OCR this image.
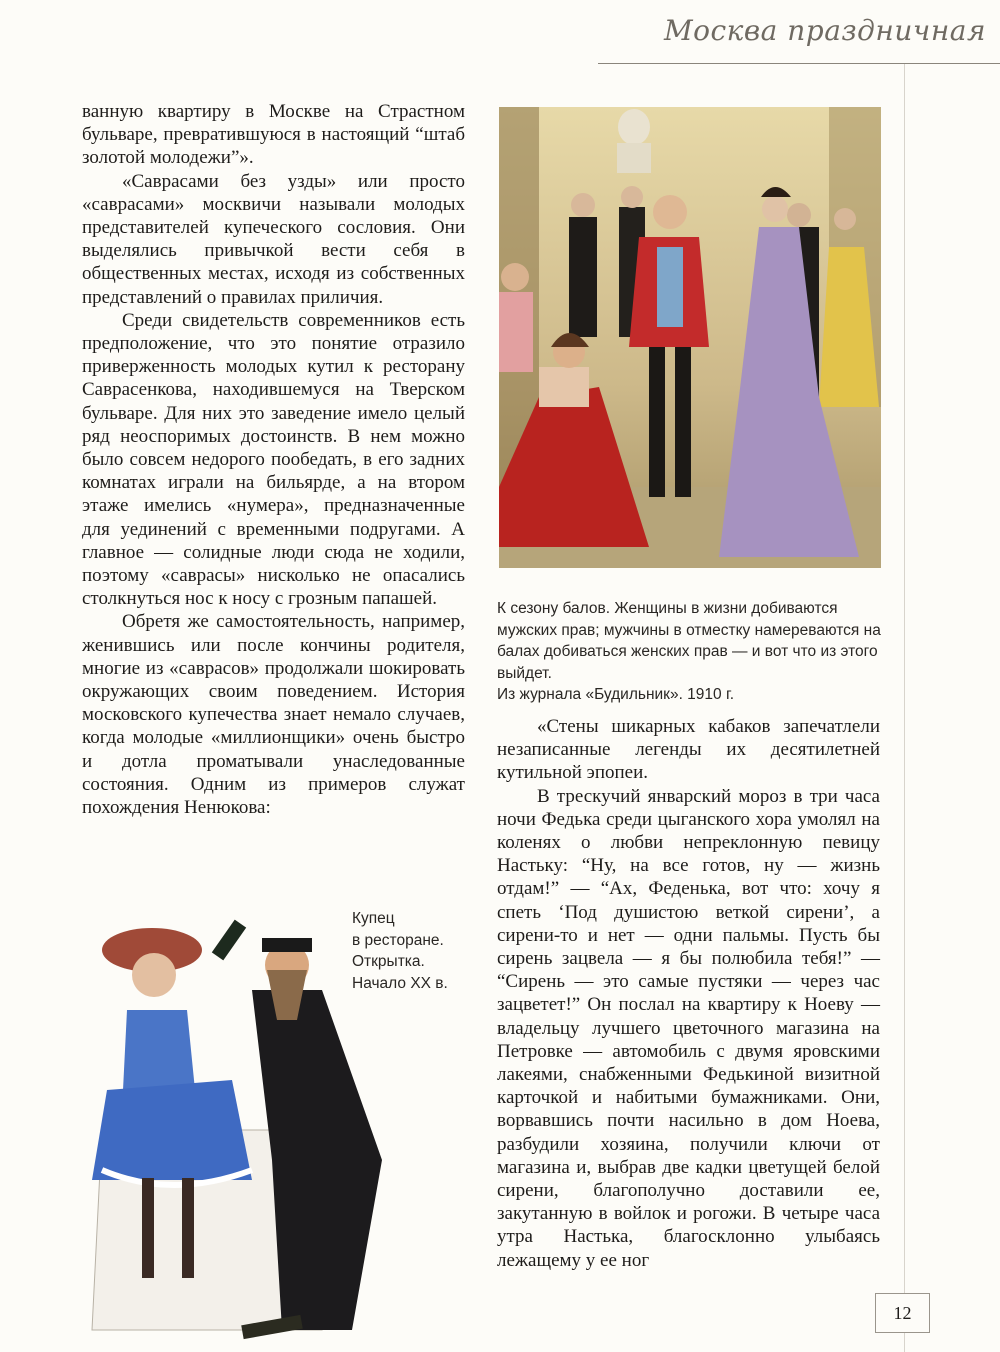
Москва праздничная

ванную квартиру в Москве на Страстном бульваре, превратившуюся в настоящий “штаб золотой молодежи”».

«Саврасами без узды» или просто «саврасами» москвичи называли молодых представителей купеческого сословия. Они выделялись привычкой вести себя в общественных местах, исходя из собственных представлений о правилах приличия.

Среди свидетельств современников есть предположение, что это понятие отразило приверженность молодых кутил к ресторану Саврасенкова, находившемуся на Тверском бульваре. Для них это заведение имело целый ряд неоспоримых достоинств. В нем можно было совсем недорого пообедать, в его задних комнатах играли на бильярде, а на втором этаже имелись «нумера», предназначенные для уединений с временными подругами. А главное — солидные люди сюда не ходили, поэтому «саврасы» нисколько не опасались столкнуться нос к носу с грозным папашей.

Обретя же самостоятельность, например, женившись или после кончины родителя, многие из «саврасов» продолжали шокировать окружающих своим поведением. История московского купечества знает немало случаев, когда молодые «миллионщики» очень быстро и дотла проматывали унаследованные состояния. Одним из примеров служат похождения Ненюкова:

К сезону балов. Женщины в жизни добиваются мужских прав; мужчины в отместку намереваются на балах добиваться женских прав — и вот что из этого выйдет.
Из журнала «Будильник». 1910 г.
Купец
в ресторане.
Открытка.
Начало XX в.

«Стены шикарных кабаков запечатлели незаписанные легенды их десятилетней кутильной эпопеи.

В трескучий январский мороз в три часа ночи Федька среди цыганского хора умолял на коленях о любви непреклонную певицу Настьку: “Ну, на все готов, ну — жизнь отдам!” — “Ах, Феденька, вот что: хочу я спеть ‘Под душистою веткой сирени’, а сирени-то и нет — одни пальмы. Пусть бы сирень зацвела — я бы полюбила тебя!” — “Сирень — это самые пустяки — через час зацветет!” Он послал на квартиру к Ноеву — владельцу лучшего цветочного магазина на Петровке — автомобиль с двумя яровскими лакеями, снабженными Федькиной визитной карточкой и набитыми бумажниками. Они, ворвавшись почти насильно в дом Ноева, разбудили хозяина, получили ключи от магазина и, выбрав две кадки цветущей белой сирени, благополучно доставили ее, закутанную в войлок и рогожи. В четыре часа утра Настька, благосклонно улыбаясь лежащему у ее ног

12
